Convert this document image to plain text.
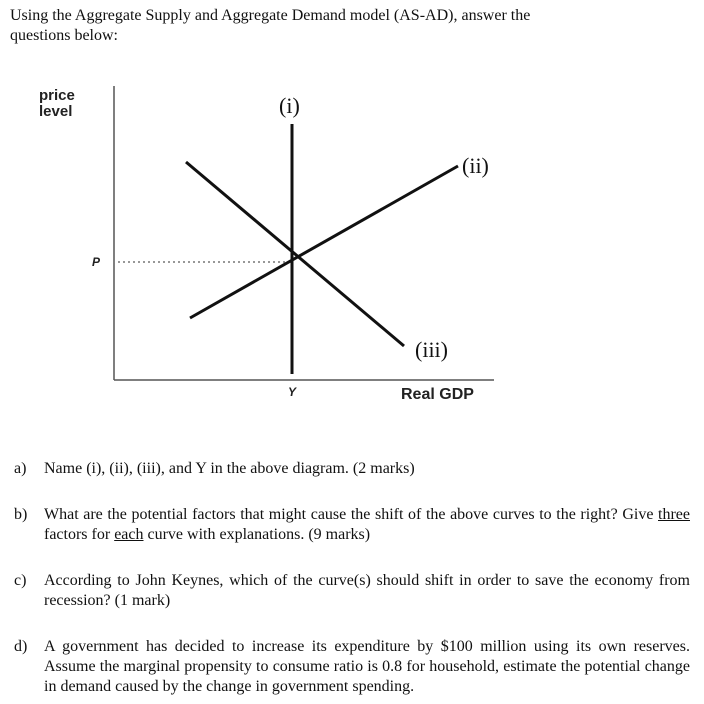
Using the Aggregate Supply and Aggregate Demand model (AS-AD), answer the
questions below:

price
level
P
Y	Real GDP
(i)
(ii)
(iii)
a) Name (i), (ii), (iii), and Y in the above diagram. (2 marks)
b) What are the potential factors that might cause the shift of the above curves to the right? Give three factors for each curve with explanations. (9 marks)
c) According to John Keynes, which of the curve(s) should shift in order to save the economy from recession? (1 mark)
d) A government has decided to increase its expenditure by $100 million using its own reserves. Assume the marginal propensity to consume ratio is 0.8 for household, estimate the potential change in demand caused by the change in government spending.
